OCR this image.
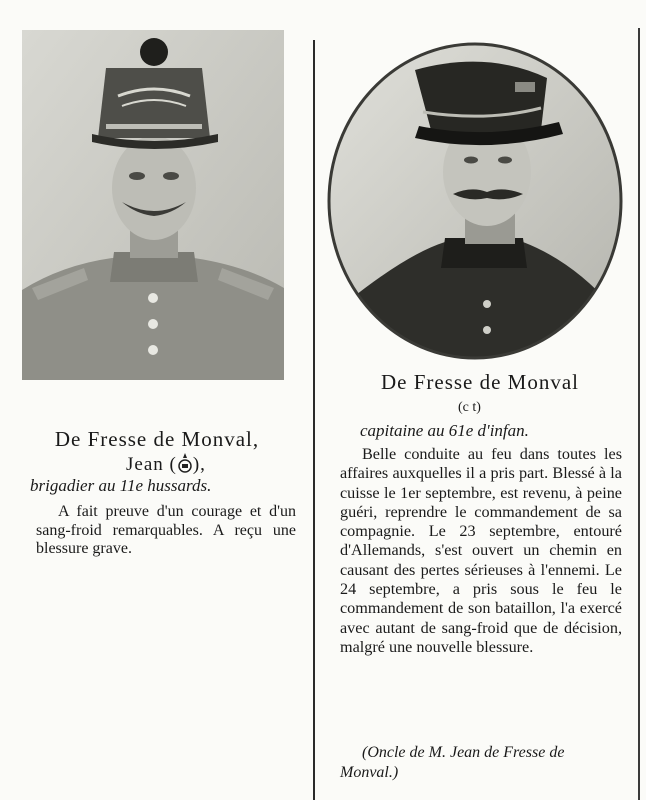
De Fresse de Monval,
Jean ( ),
brigadier au 11e hussards.

A fait preuve d'un courage et d'un sang-froid remarquables. A reçu une blessure grave.

De Fresse de Monval
(c t)
capitaine au 61e d'infan.

Belle conduite au feu dans toutes les affaires auxquelles il a pris part. Blessé à la cuisse le 1er septembre, est revenu, à peine guéri, reprendre le commandement de sa compagnie. Le 23 septembre, entouré d'Allemands, s'est ouvert un chemin en causant des pertes sérieuses à l'ennemi. Le 24 septembre, a pris sous le feu le commandement de son bataillon, l'a exercé avec autant de sang-froid que de décision, malgré une nouvelle blessure.

(Oncle de M. Jean de Fresse de Monval.)
